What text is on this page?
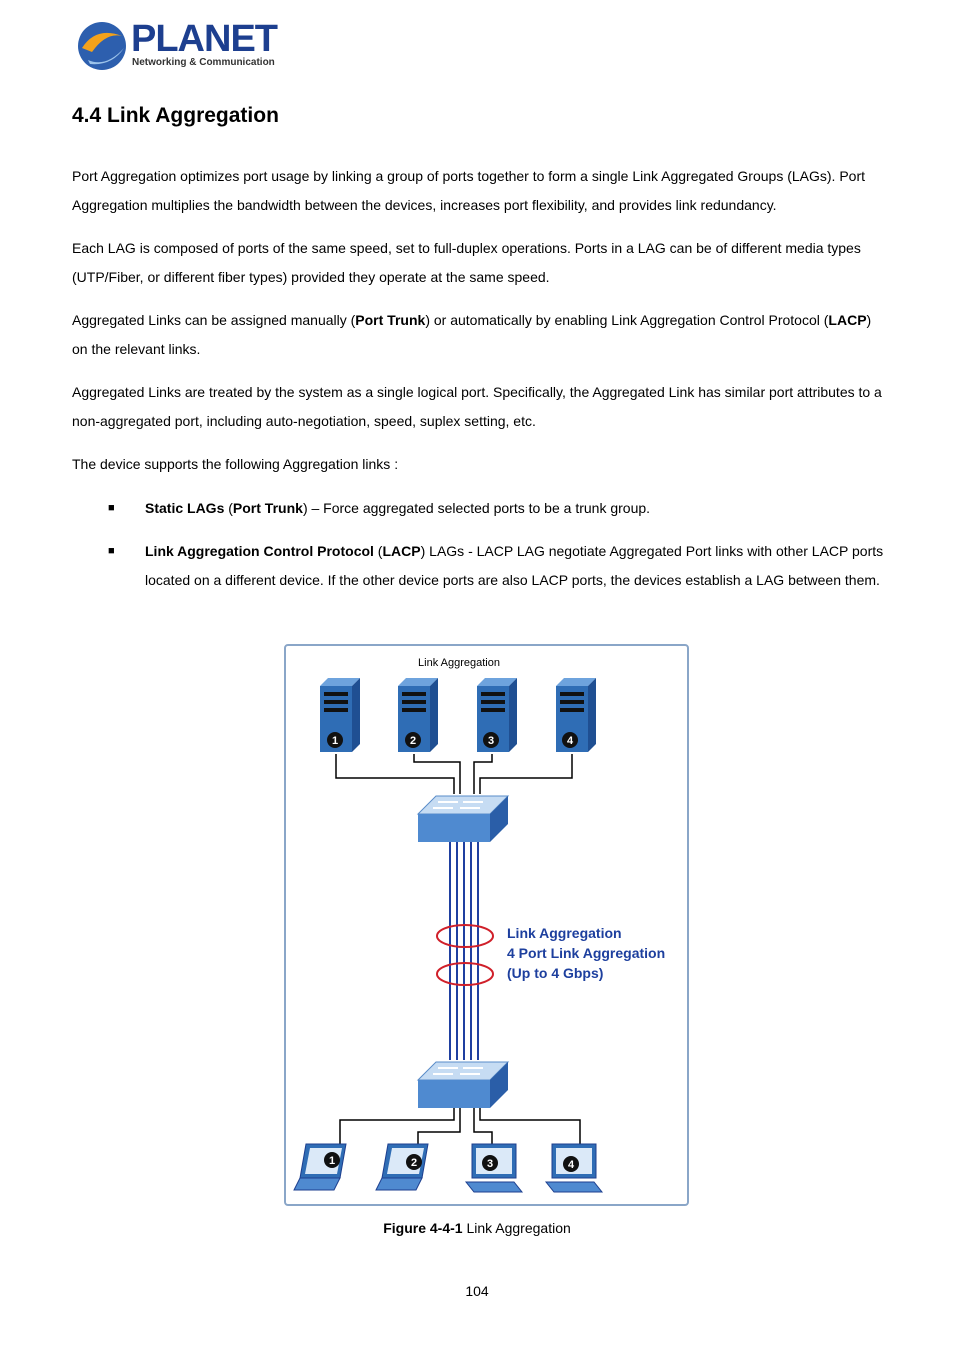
PLANET
Networking & Communication
4.4 Link Aggregation

Port Aggregation optimizes port usage by linking a group of ports together to form a single Link Aggregated Groups (LAGs). Port Aggregation multiplies the bandwidth between the devices, increases port flexibility, and provides link redundancy.

Each LAG is composed of ports of the same speed, set to full-duplex operations. Ports in a LAG can be of different media types (UTP/Fiber, or different fiber types) provided they operate at the same speed.

Aggregated Links can be assigned manually (Port Trunk) or automatically by enabling Link Aggregation Control Protocol (LACP) on the relevant links.

Aggregated Links are treated by the system as a single logical port. Specifically, the Aggregated Link has similar port attributes to a non-aggregated port, including auto-negotiation, speed, suplex setting, etc.

The device supports the following Aggregation links :

■ Static LAGs (Port Trunk) – Force aggregated selected ports to be a trunk group.

■ Link Aggregation Control Protocol (LACP) LAGs - LACP LAG negotiate Aggregated Port links with other LACP ports located on a different device. If the other device ports are also LACP ports, the devices establish a LAG between them.

Link Aggregation
1	2	3	4
Link Aggregation
4 Port Link Aggregation
(Up to 4 Gbps)
1	2	3	4
Figure 4-4-1 Link Aggregation
104
